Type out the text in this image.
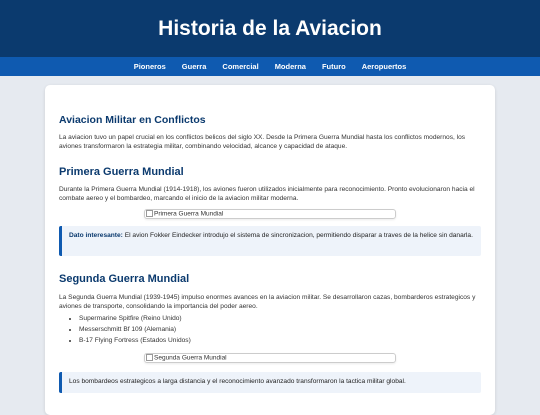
Historia de la Aviacion
Pioneros	Guerra	Comercial	Moderna	Futuro	Aeropuertos
Aviacion Militar en Conflictos

La aviacion tuvo un papel crucial en los conflictos belicos del siglo XX. Desde la Primera Guerra Mundial hasta los conflictos modernos, los aviones transformaron la estrategia militar, combinando velocidad, alcance y capacidad de ataque.

Primera Guerra Mundial

Durante la Primera Guerra Mundial (1914-1918), los aviones fueron utilizados inicialmente para reconocimiento. Pronto evolucionaron hacia el combate aereo y el bombardeo, marcando el inicio de la aviacion militar moderna.

Primera Guerra Mundial
Dato interesante: El avion Fokker Eindecker introdujo el sistema de sincronizacion, permitiendo disparar a traves de la helice sin danarla.
Segunda Guerra Mundial

La Segunda Guerra Mundial (1939-1945) impulso enormes avances en la aviacion militar. Se desarrollaron cazas, bombarderos estrategicos y aviones de transporte, consolidando la importancia del poder aereo.

• Supermarine Spitfire (Reino Unido)
• Messerschmitt Bf 109 (Alemania)
• B-17 Flying Fortress (Estados Unidos)
Segunda Guerra Mundial
Los bombardeos estrategicos a larga distancia y el reconocimiento avanzado transformaron la tactica militar global.
